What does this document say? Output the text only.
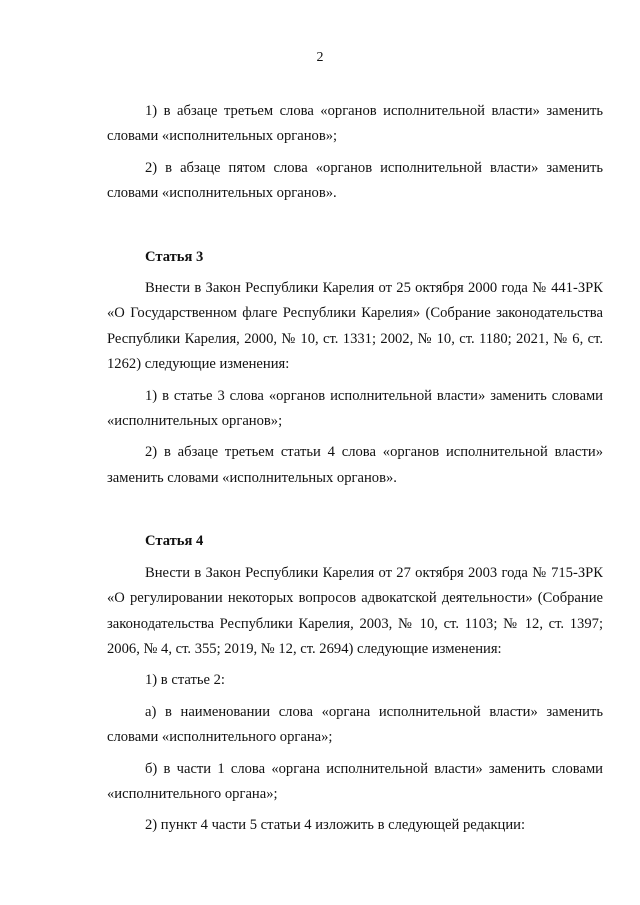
2

1) в абзаце третьем слова «органов исполнительной власти» заменить словами «исполнительных органов»;

2) в абзаце пятом слова «органов исполнительной власти» заменить словами «исполнительных органов».

Статья 3

Внести в Закон Республики Карелия от 25 октября 2000 года № 441-ЗРК «О Государственном флаге Республики Карелия» (Собрание законодательства Республики Карелия, 2000, № 10, ст. 1331; 2002, № 10, ст. 1180; 2021, № 6, ст. 1262) следующие изменения:

1) в статье 3 слова «органов исполнительной власти» заменить словами «исполнительных органов»;

2) в абзаце третьем статьи 4 слова «органов исполнительной власти» заменить словами «исполнительных органов».

Статья 4

Внести в Закон Республики Карелия от 27 октября 2003 года № 715-ЗРК «О регулировании некоторых вопросов адвокатской деятельности» (Собрание законодательства Республики Карелия, 2003, № 10, ст. 1103; № 12, ст. 1397; 2006, № 4, ст. 355; 2019, № 12, ст. 2694) следующие изменения:

1) в статье 2:

а) в наименовании слова «органа исполнительной власти» заменить словами «исполнительного органа»;

б) в части 1 слова «органа исполнительной власти» заменить словами «исполнительного органа»;

2) пункт 4 части 5 статьи 4 изложить в следующей редакции:
